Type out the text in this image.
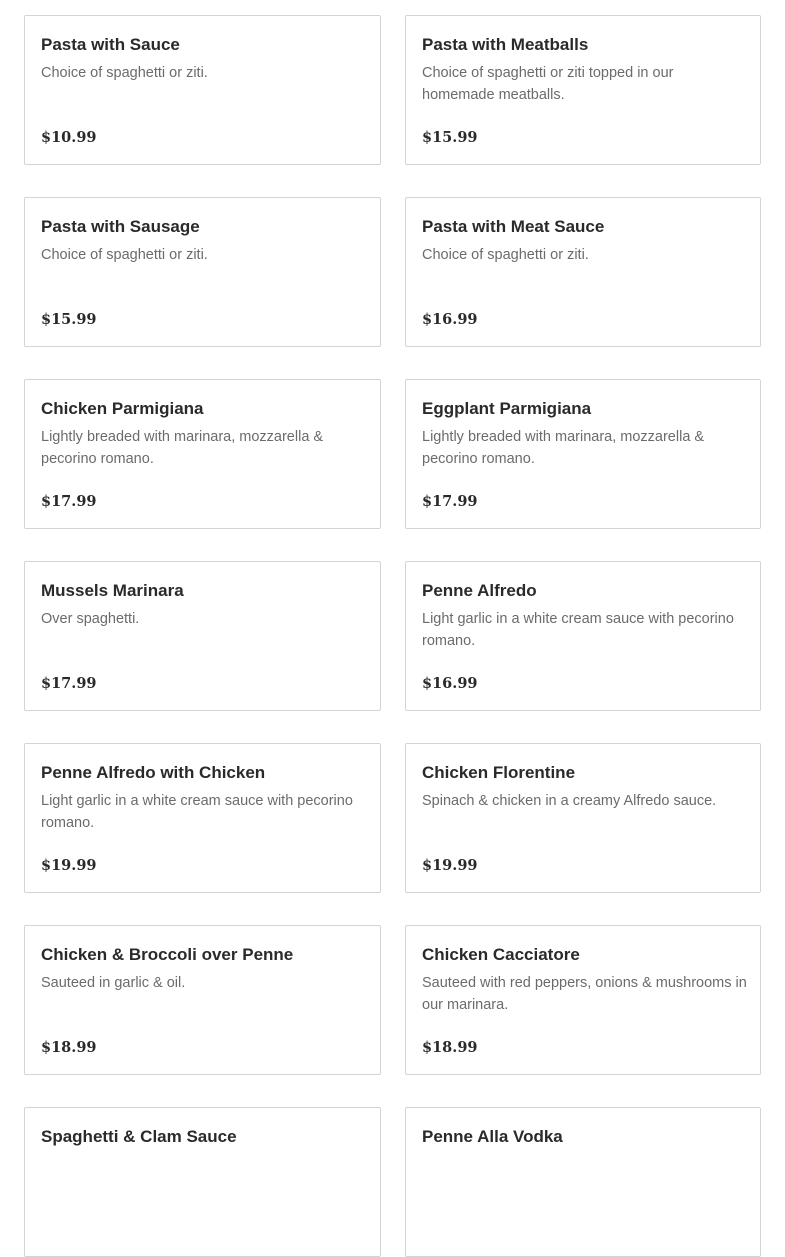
Pasta with Sauce
Choice of spaghetti or ziti.
$10.99
Pasta with Meatballs
Choice of spaghetti or ziti topped in our homemade meatballs.
$15.99
Pasta with Sausage
Choice of spaghetti or ziti.
$15.99
Pasta with Meat Sauce
Choice of spaghetti or ziti.
$16.99
Chicken Parmigiana
Lightly breaded with marinara, mozzarella & pecorino romano.
$17.99
Eggplant Parmigiana
Lightly breaded with marinara, mozzarella & pecorino romano.
$17.99
Mussels Marinara
Over spaghetti.
$17.99
Penne Alfredo
Light garlic in a white cream sauce with pecorino romano.
$16.99
Penne Alfredo with Chicken
Light garlic in a white cream sauce with pecorino romano.
$19.99
Chicken Florentine
Spinach & chicken in a creamy Alfredo sauce.
$19.99
Chicken & Broccoli over Penne
Sauteed in garlic & oil.
$18.99
Chicken Cacciatore
Sauteed with red peppers, onions & mushrooms in our marinara.
$18.99
Spaghetti & Clam Sauce	Penne Alla Vodka
